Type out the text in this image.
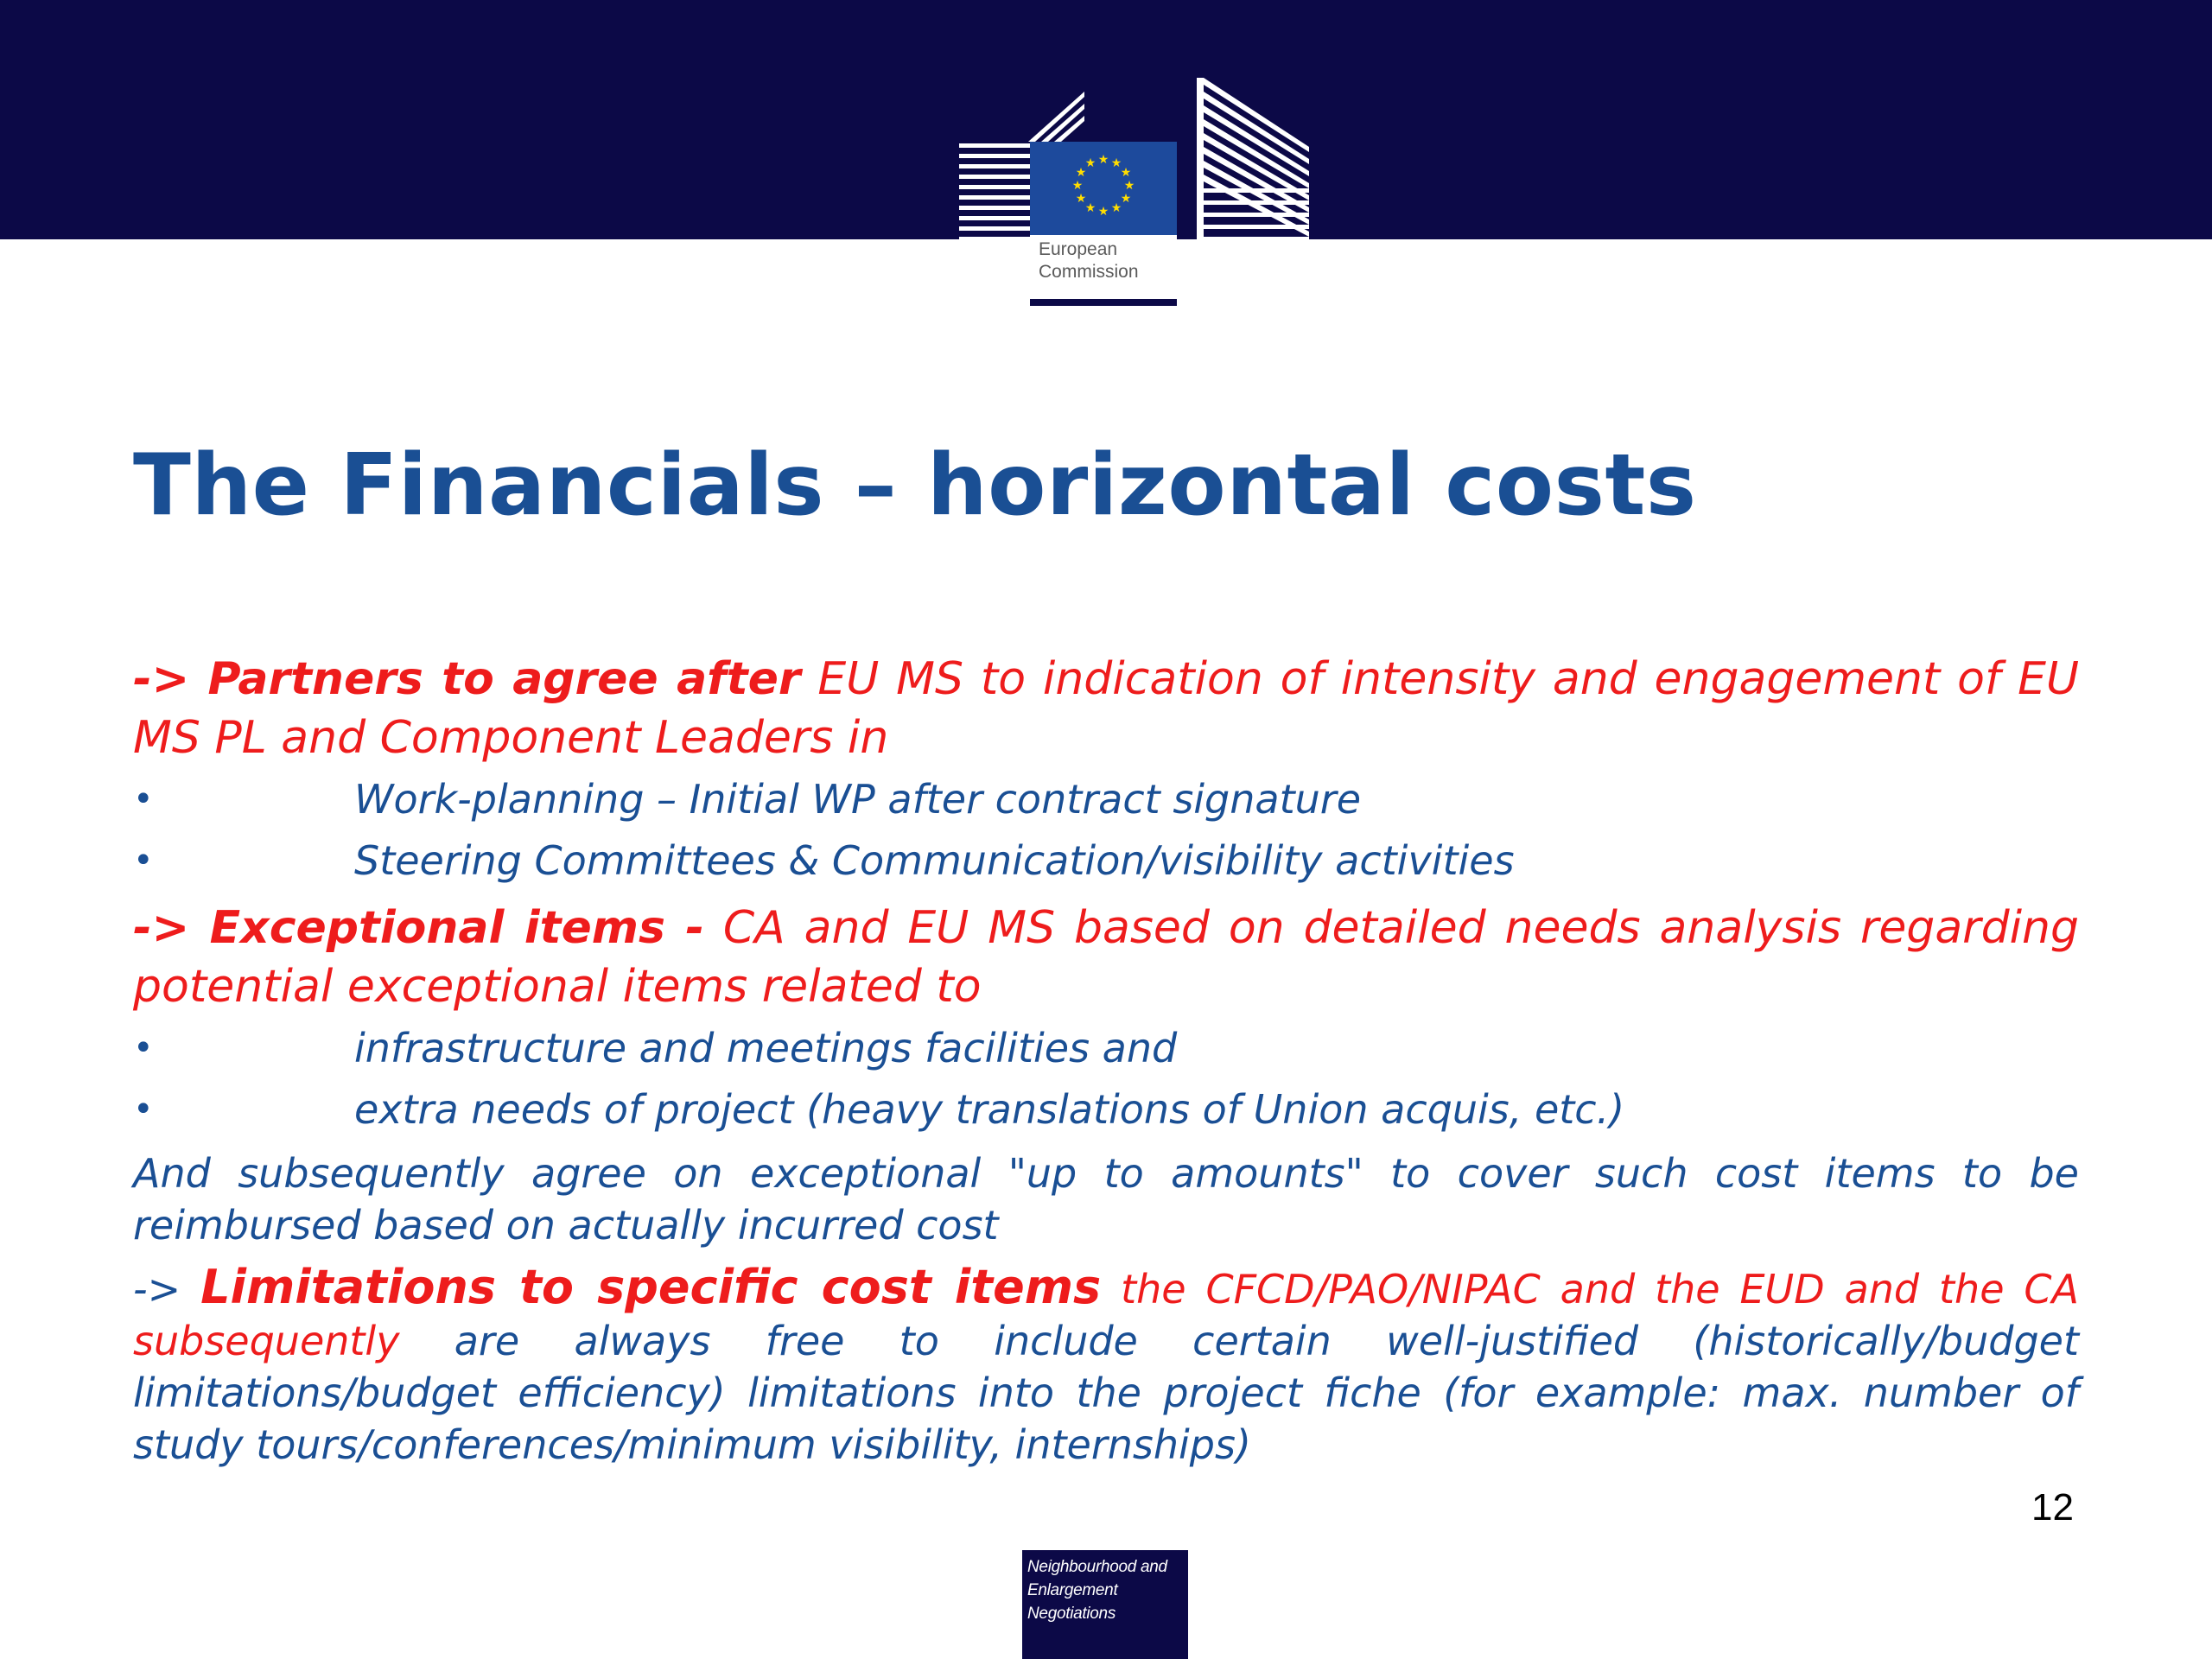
★ ★
★
★
★
★
★
★
★
★
★
★
European
Commission
The Financials – horizontal costs

-> Partners to agree after EU MS to indication of intensity and engagement of EU MS PL and Component Leaders in

•	Work-planning – Initial WP after contract signature
•	Steering Committees & Communication/visibility activities

-> Exceptional items - CA and EU MS based on detailed needs analysis regarding potential exceptional items related to

•	infrastructure and meetings facilities and
•	extra needs of project (heavy translations of Union acquis, etc.)

And subsequently agree on exceptional "up to amounts" to cover such cost items to be reimbursed based on actually incurred cost

-> Limitations to specific cost items the CFCD/PAO/NIPAC and the EUD and the CA subsequently are always free to include certain well-justified (historically/budget limitations/budget efficiency) limitations into the project fiche (for example: max. number of study tours/conferences/minimum visibility, internships)

12
Neighbourhood and
Enlargement
Negotiations
